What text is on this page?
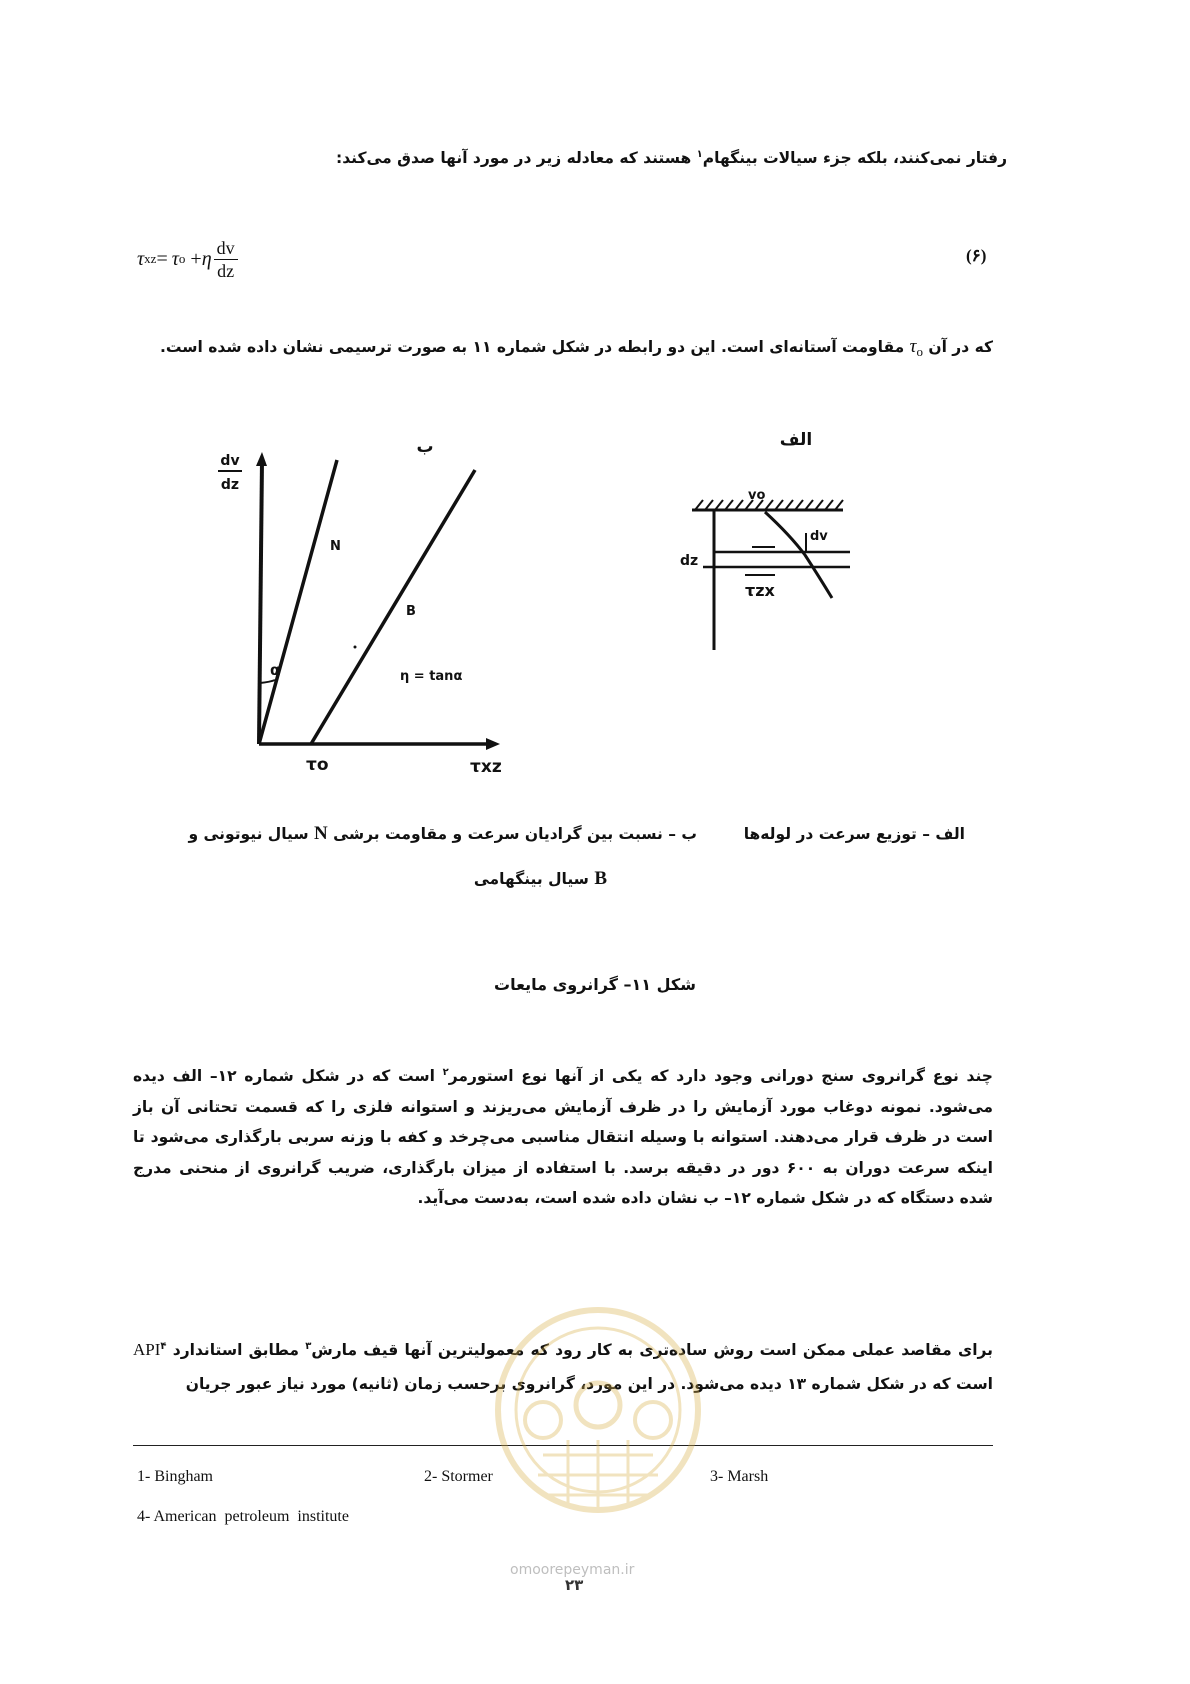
رفتار نمی‌کنند، بلکه جزء سیالات بینگهام$^۱$ هستند که معادله زیر در مورد آنها صدق می‌کند:
τ xz = τ o + η $\frac{dv}{dz}$	(۶)
که در آن $\tau_o$ مقاومت آستانه‌ای است. این دو رابطه در شکل شماره ۱۱ به صورت ترسیمی نشان داده شده است.
ب
α
dv
dz
N
B
η = tanα
τo	τxz
الف
vo
dv
dz
τzx
الف – توزیع سرعت در لوله‌ها
ب – نسبت بین گرادیان سرعت و مقاومت برشی N سیال نیوتونی و
B سیال بینگهامی
شکل ۱۱– گرانروی مایعات
چند نوع گرانروی سنج دورانی وجود دارد که یکی از آنها نوع استورمر$^۲$ است که در شکل شماره ۱۲– الف دیده می‌شود. نمونه دوغاب مورد آزمایش را در ظرف آزمایش می‌ریزند و استوانه فلزی را که قسمت تحتانی آن باز است در ظرف قرار می‌دهند. استوانه با وسیله انتقال مناسبی می‌چرخد و کفه با وزنه سربی بارگذاری می‌شود تا اینکه سرعت دوران به ۶۰۰ دور در دقیقه برسد. با استفاده از میزان بارگذاری، ضریب گرانروی از منحنی مدرج شده دستگاه که در شکل شماره ۱۲– ب نشان داده شده است، به‌دست می‌آید.
برای مقاصد عملی ممکن است روش ساده‌تری به کار رود که معمولیترین آنها قیف مارش$^۳$ مطابق استاندارد API$^۴$ است که در شکل شماره ۱۳ دیده می‌شود. در این مورد، گرانروی برحسب زمان (ثانیه) مورد نیاز عبور جریان
1- Bingham	2- Stormer	3- Marsh
4- American  petroleum  institute
omoorepeyman.ir
۲۳
